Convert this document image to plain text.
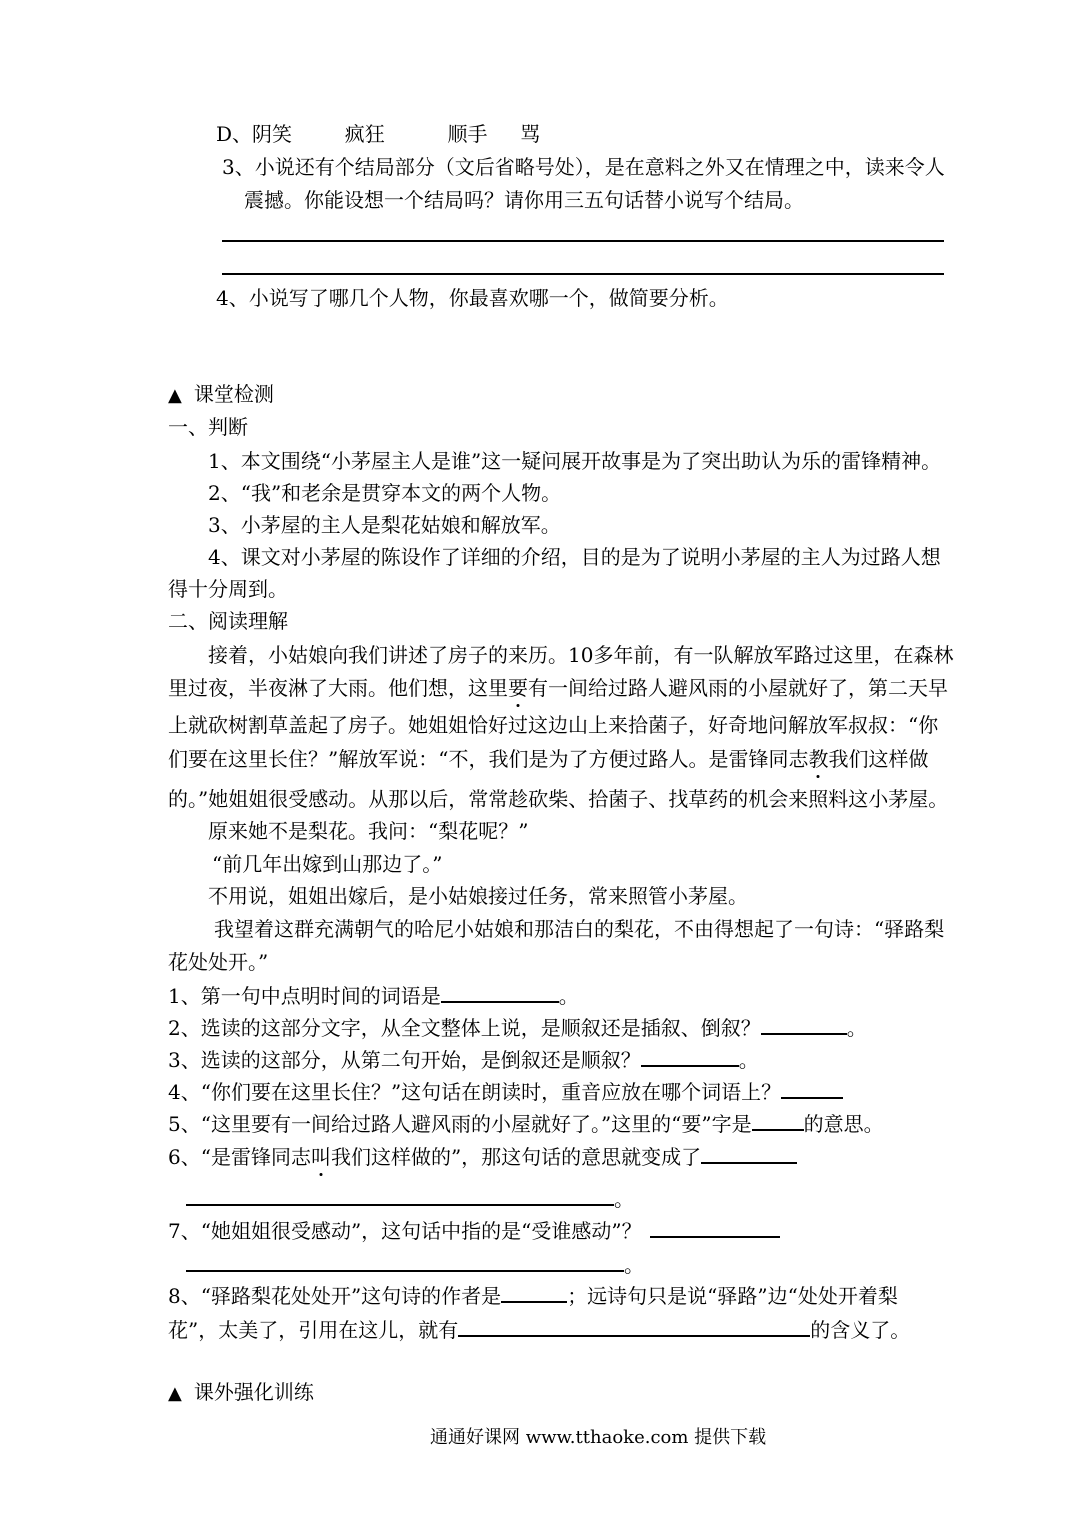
D、阴笑	疯狂	顺手 骂
3、小说还有个结局部分（文后省略号处），是在意料之外又在情理之中，读来令人
震撼。你能设想一个结局吗？请你用三五句话替小说写个结局。
4、小说写了哪几个人物，你最喜欢哪一个，做简要分析。
▲ 课堂检测
一、判断
1、本文围绕“小茅屋主人是谁”这一疑问展开故事是为了突出助认为乐的雷锋精神。
2、“我”和老余是贯穿本文的两个人物。
3、小茅屋的主人是梨花姑娘和解放军。
4、课文对小茅屋的陈设作了详细的介绍，目的是为了说明小茅屋的主人为过路人想
得十分周到。
二、阅读理解
接着，小姑娘向我们讲述了房子的来历。10多年前，有一队解放军路过这里，在森林
里过夜，半夜淋了大雨。他们想，这里要有一间给过路人避风雨的小屋就好了，第二天早
上就砍树割草盖起了房子。她姐姐恰好过这边山上来拾菌子，好奇地问解放军叔叔：“你
们要在这里长住？”解放军说：“不，我们是为了方便过路人。是雷锋同志教我们这样做
的。”她姐姐很受感动。从那以后，常常趁砍柴、拾菌子、找草药的机会来照料这小茅屋。
原来她不是梨花。我问：“梨花呢？”
“前几年出嫁到山那边了。”
不用说，姐姐出嫁后，是小姑娘接过任务，常来照管小茅屋。
我望着这群充满朝气的哈尼小姑娘和那洁白的梨花，不由得想起了一句诗：“驿路梨
花处处开。”
1、第一句中点明时间的词语是	。
2、选读的这部分文字，从全文整体上说，是顺叙还是插叙、倒叙？	。
3、选读的这部分，从第二句开始，是倒叙还是顺叙？	。
4、“你们要在这里长住？”这句话在朗读时，重音应放在哪个词语上？
5、“这里要有一间给过路人避风雨的小屋就好了。”这里的“要”字是	的意思。
6、“是雷锋同志叫我们这样做的”，那这句话的意思就变成了
。
7、“她姐姐很受感动”，这句话中指的是“受谁感动”？
。
8、“驿路梨花处处开”这句诗的作者是	；远诗句只是说“驿路”边“处处开着梨
花”，太美了，引用在这儿，就有	的含义了。
▲ 课外强化训练
通通好课网 www.tthaoke.com 提供下载
